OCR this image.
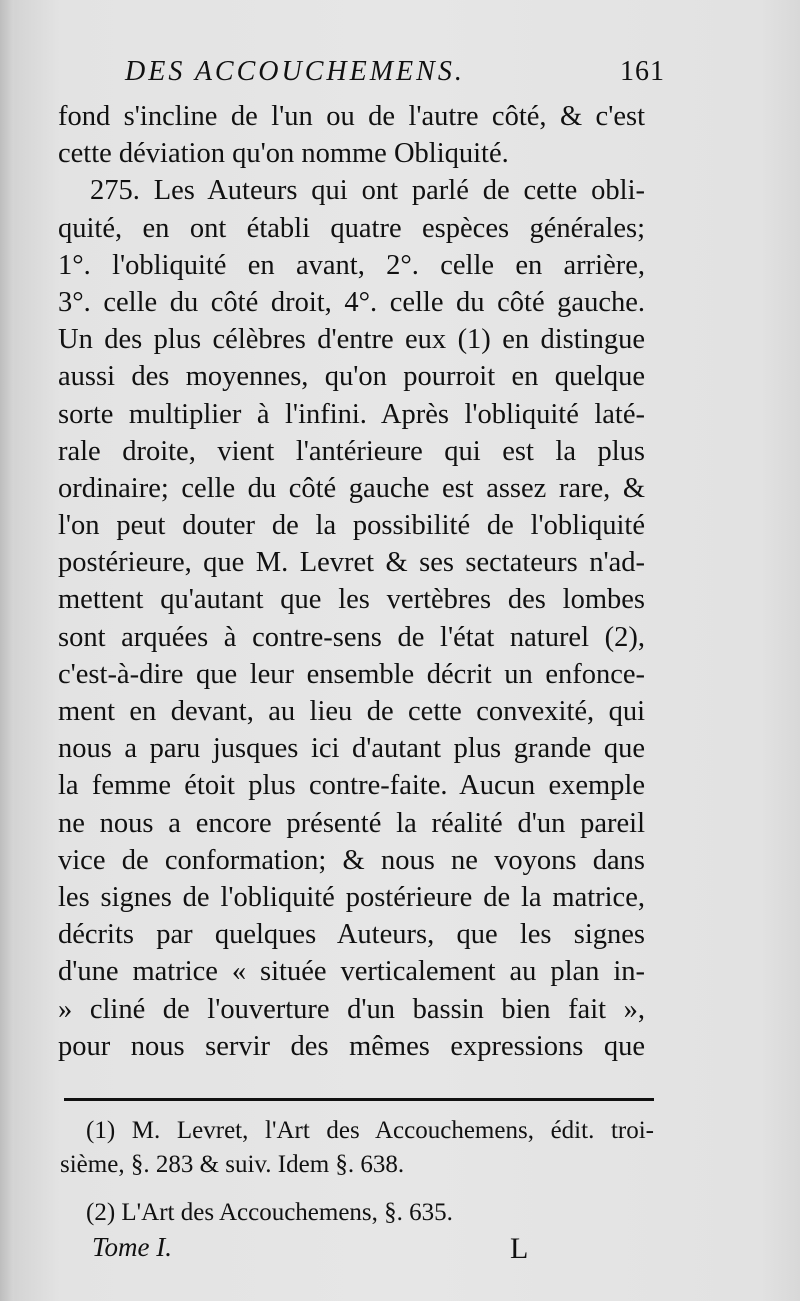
DES ACCOUCHEMENS.	161
fond s'incline de l'un ou de l'autre côté, & c'est
cette déviation qu'on nomme Obliquité.
275. Les Auteurs qui ont parlé de cette obli-
quité, en ont établi quatre espèces générales;
1°. l'obliquité en avant, 2°. celle en arrière,
3°. celle du côté droit, 4°. celle du côté gauche.
Un des plus célèbres d'entre eux (1) en distingue
aussi des moyennes, qu'on pourroit en quelque
sorte multiplier à l'infini. Après l'obliquité laté-
rale droite, vient l'antérieure qui est la plus
ordinaire; celle du côté gauche est assez rare, &
l'on peut douter de la possibilité de l'obliquité
postérieure, que M. Levret & ses sectateurs n'ad-
mettent qu'autant que les vertèbres des lombes
sont arquées à contre-sens de l'état naturel (2),
c'est-à-dire que leur ensemble décrit un enfonce-
ment en devant, au lieu de cette convexité, qui
nous a paru jusques ici d'autant plus grande que
la femme étoit plus contre-faite. Aucun exemple
ne nous a encore présenté la réalité d'un pareil
vice de conformation; & nous ne voyons dans
les signes de l'obliquité postérieure de la matrice,
décrits par quelques Auteurs, que les signes
d'une matrice « située verticalement au plan in-
» cliné de l'ouverture d'un bassin bien fait »,
pour nous servir des mêmes expressions que
(1) M. Levret, l'Art des Accouchemens, édit. troi-
sième, §. 283 & suiv. Idem §. 638.
(2) L'Art des Accouchemens, §. 635.
Tome I.	L
